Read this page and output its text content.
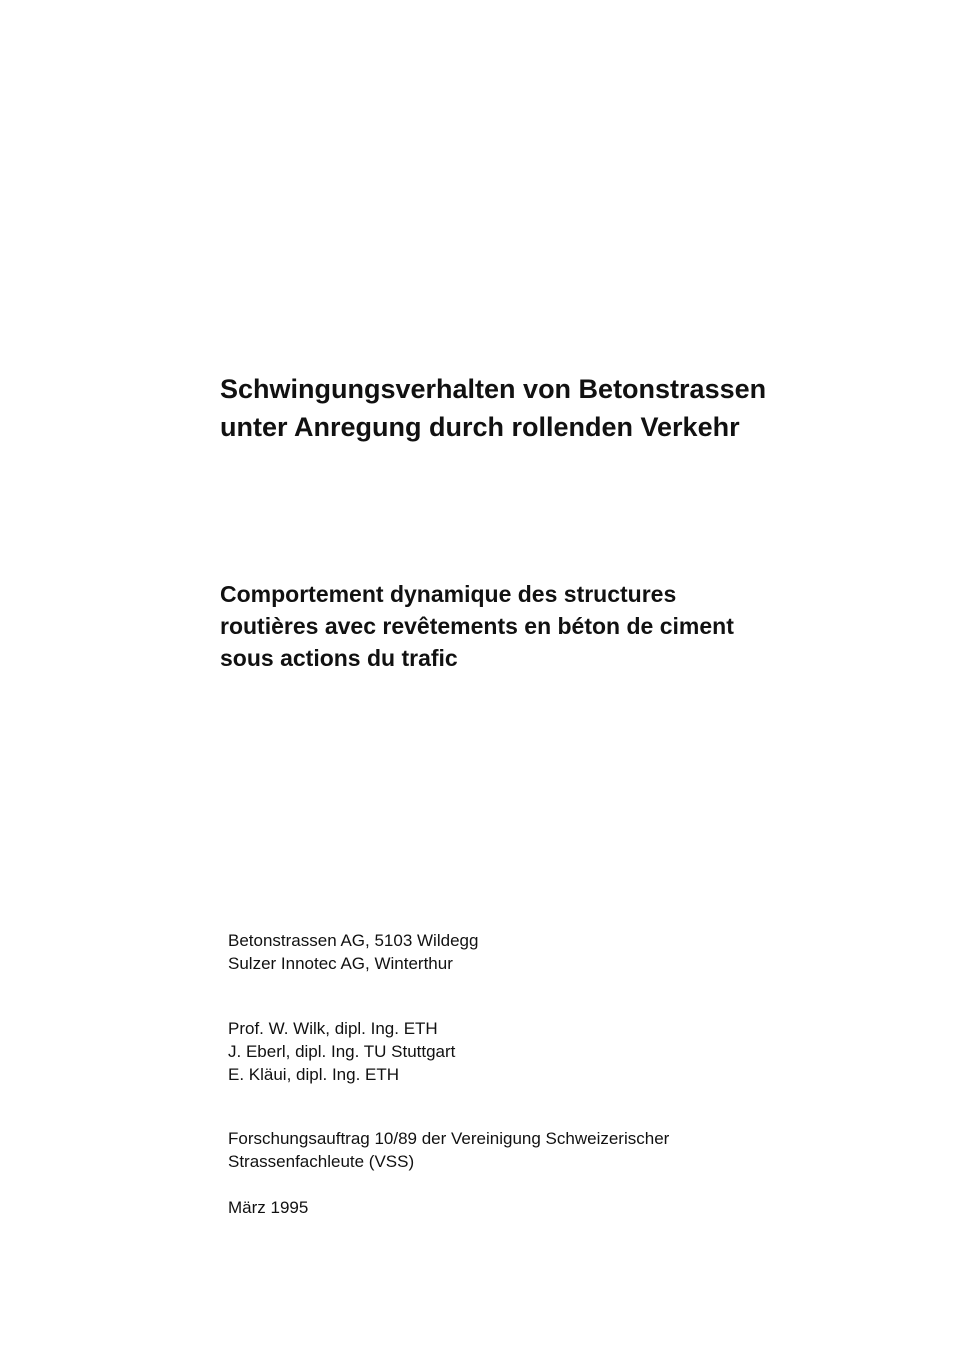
Schwingungsverhalten von Betonstrassen
unter Anregung durch rollenden Verkehr
Comportement dynamique des structures
routières avec revêtements en béton de ciment
sous actions du trafic
Betonstrassen AG, 5103 Wildegg
Sulzer Innotec AG, Winterthur
Prof. W. Wilk, dipl. Ing. ETH
J. Eberl, dipl. Ing. TU Stuttgart
E. Kläui, dipl. Ing. ETH
Forschungsauftrag 10/89 der Vereinigung Schweizerischer
Strassenfachleute (VSS)
März 1995
